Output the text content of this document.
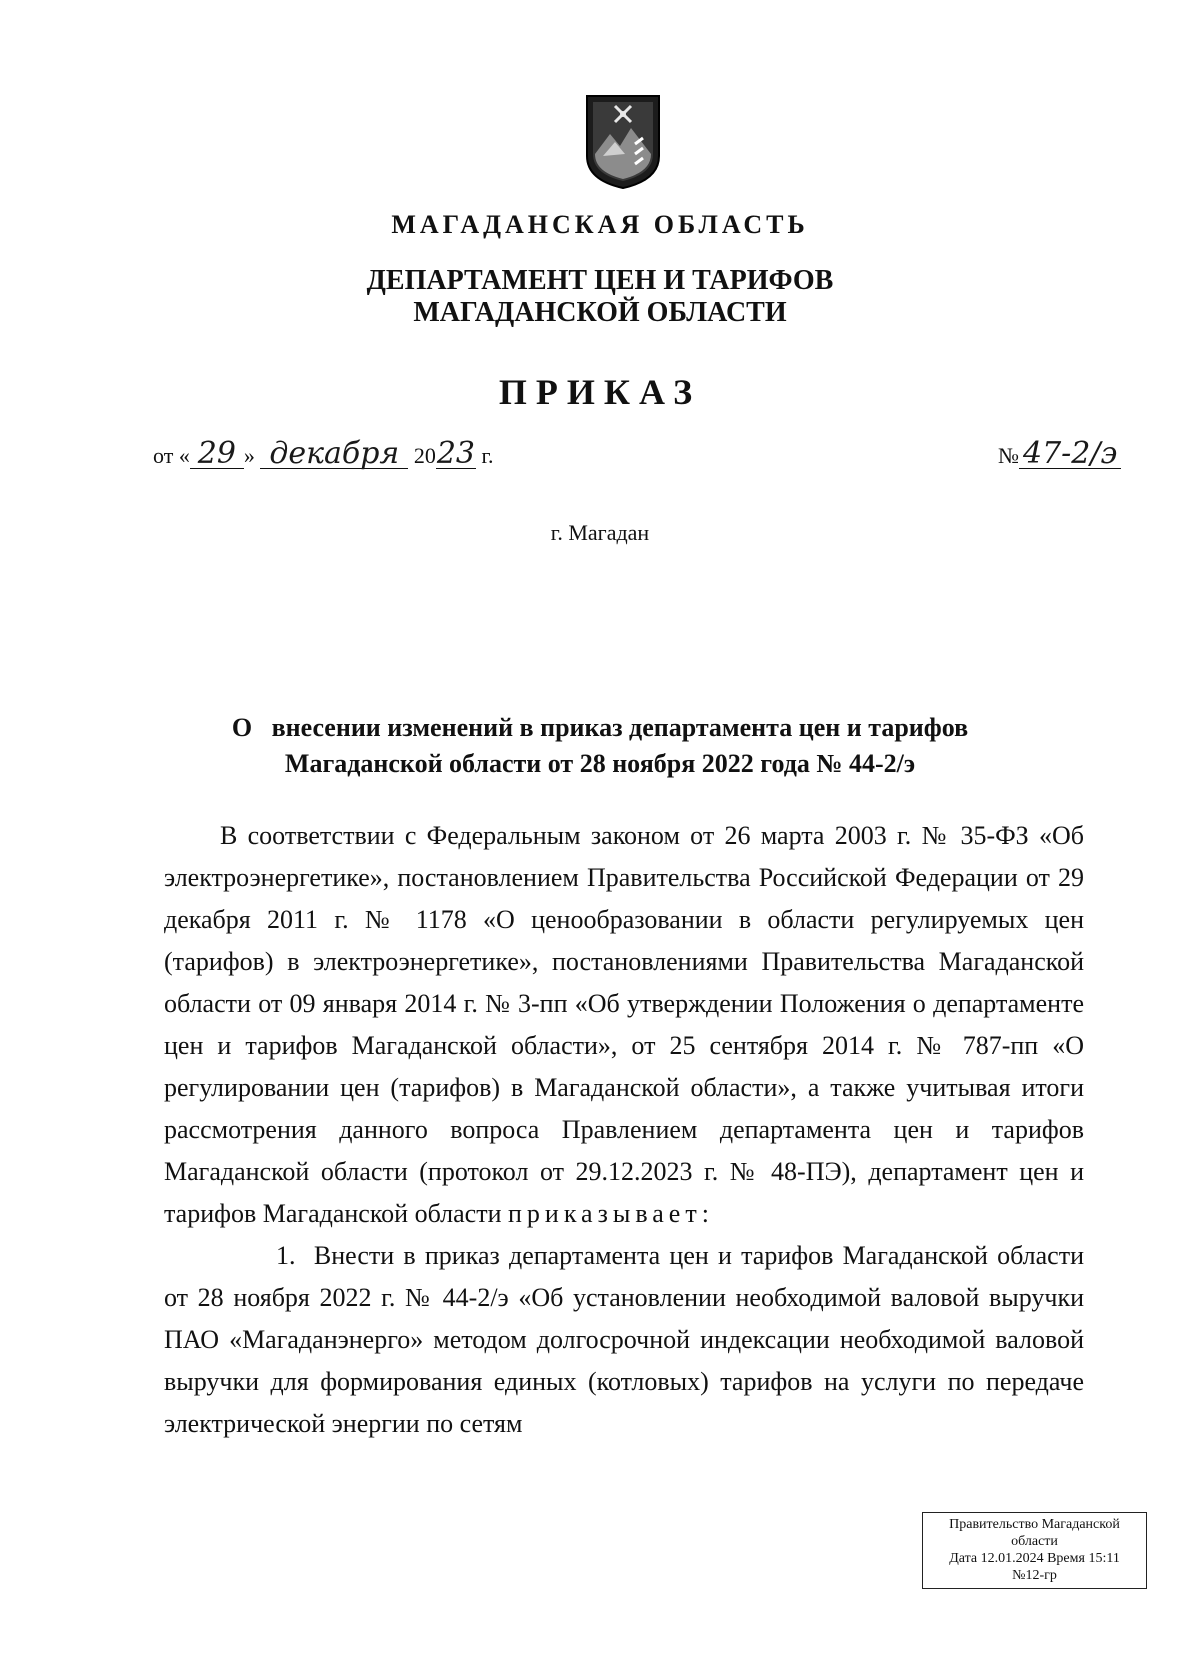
МАГАДАНСКАЯ ОБЛАСТЬ
ДЕПАРТАМЕНТ ЦЕН И ТАРИФОВ
МАГАДАНСКОЙ ОБЛАСТИ
ПРИКАЗ
от « 29 » декабря 2023 г.	№ 47-2/э
г. Магадан
О   внесении изменений в приказ департамента цен и тарифов
Магаданской области от 28 ноября 2022 года № 44-2/э

В соответствии с Федеральным законом от 26 марта 2003 г. № 35-ФЗ «Об электроэнергетике», постановлением Правительства Российской Федерации от 29 декабря 2011 г. № 1178 «О ценообразовании в области регулируемых цен (тарифов) в электроэнергетике», постановлениями Правительства Магаданской области от 09 января 2014 г. № 3-пп «Об утверждении Положения о департаменте цен и тарифов Магаданской области», от 25 сентября 2014 г. № 787-пп «О регулировании цен (тарифов) в Магаданской области», а также учитывая итоги рассмотрения данного вопроса Правлением департамента цен и тарифов Магаданской области (протокол от 29.12.2023 г. № 48-ПЭ), департамент цен и тарифов Магаданской области приказывает:

1. Внести в приказ департамента цен и тарифов Магаданской области от 28 ноября 2022 г. № 44-2/э «Об установлении необходимой валовой выручки ПАО «Магаданэнерго» методом долгосрочной индексации необходимой валовой выручки для формирования единых (котловых) тарифов на услуги по передаче электрической энергии по сетям

Правительство Магаданской
области
Дата 12.01.2024 Время 15:11
№12-гр
